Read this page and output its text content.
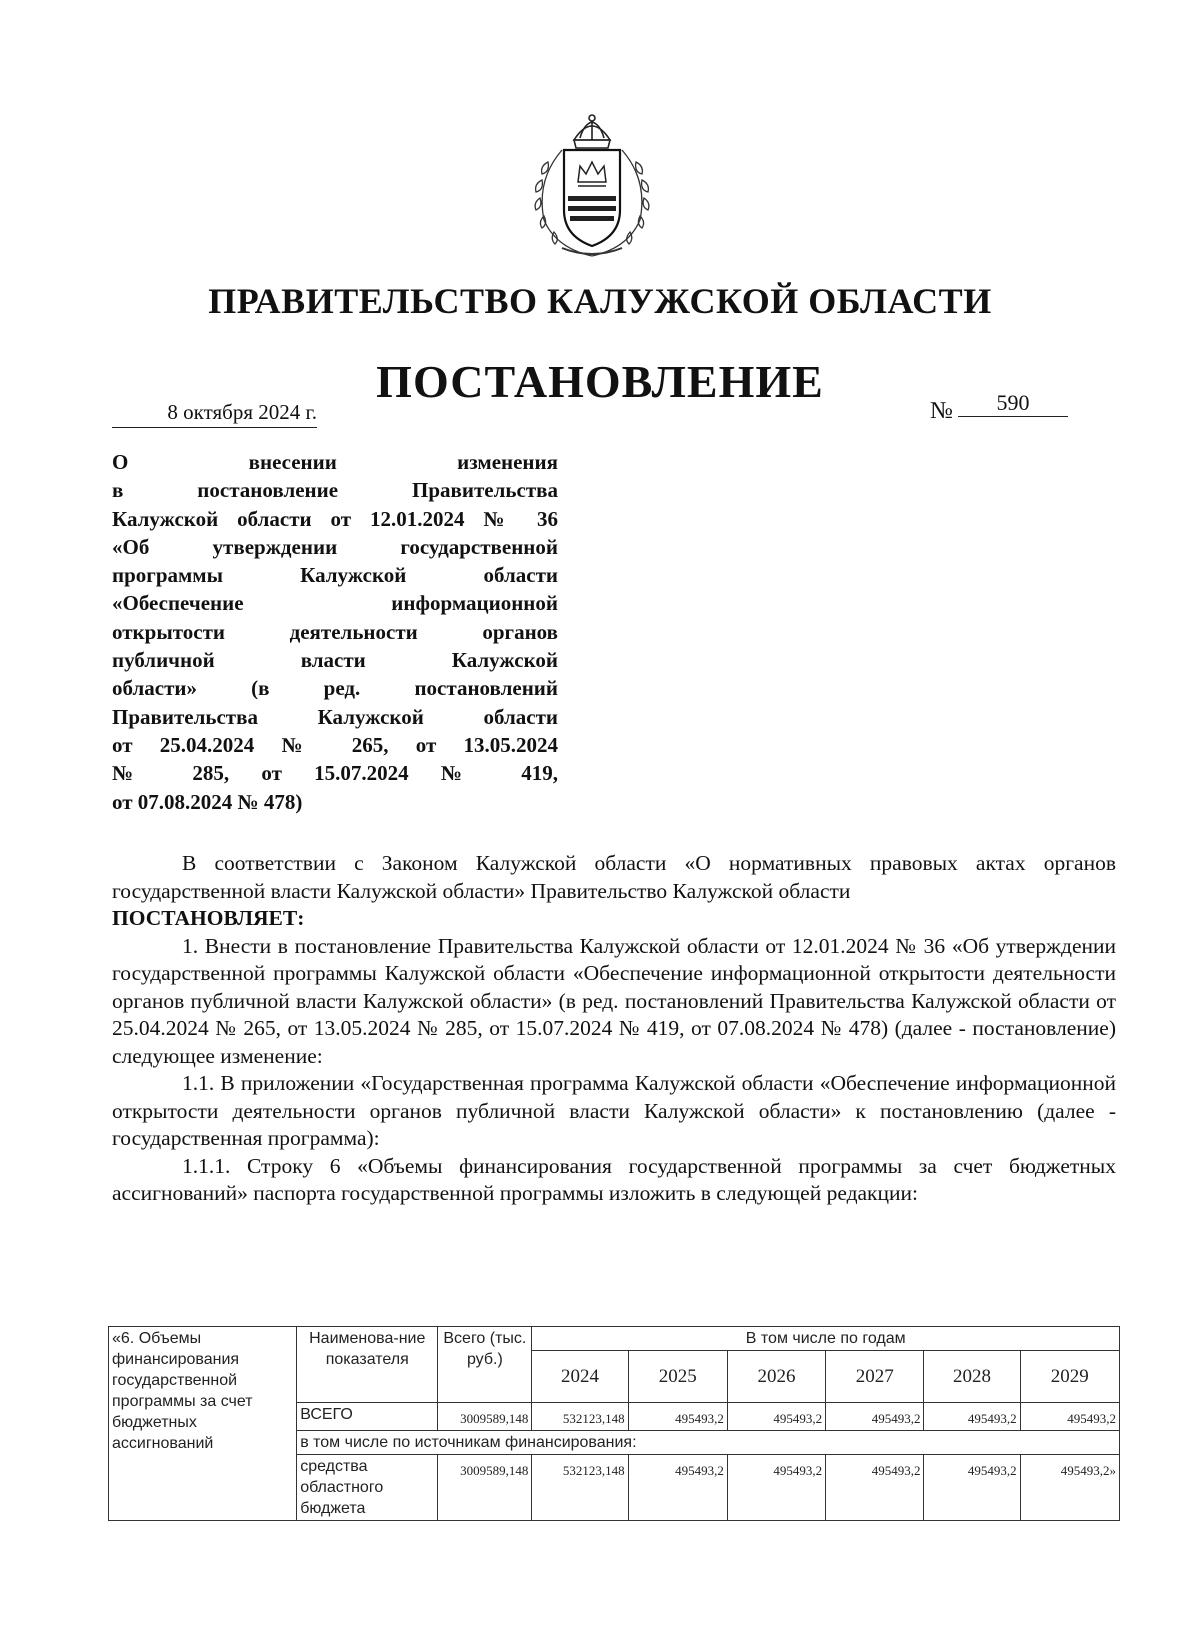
ПРАВИТЕЛЬСТВО КАЛУЖСКОЙ ОБЛАСТИ
ПОСТАНОВЛЕНИЕ
8 октября 2024 г.	№ 590
О внесении изменения
в постановление Правительства
Калужской области от 12.01.2024 № 36
«Об утверждении государственной
программы Калужской области
«Обеспечение информационной
открытости деятельности органов
публичной власти Калужской
области» (в ред. постановлений
Правительства Калужской области
от 25.04.2024 № 265, от 13.05.2024
№ 285, от 15.07.2024 № 419,
от 07.08.2024 № 478)

В соответствии с Законом Калужской области «О нормативных правовых актах органов государственной власти Калужской области» Правительство Калужской области

ПОСТАНОВЛЯЕТ:

1. Внести в постановление Правительства Калужской области от 12.01.2024 № 36 «Об утверждении государственной программы Калужской области «Обеспечение информационной открытости деятельности органов публичной власти Калужской области» (в ред. постановлений Правительства Калужской области от 25.04.2024 № 265, от 13.05.2024 № 285, от 15.07.2024 № 419, от 07.08.2024 № 478) (далее - постановление) следующее изменение:

1.1. В приложении «Государственная программа Калужской области «Обеспечение информационной открытости деятельности органов публичной власти Калужской области» к постановлению (далее - государственная программа):

1.1.1. Строку 6 «Объемы финансирования государственной программы за счет бюджетных ассигнований» паспорта государственной программы изложить в следующей редакции:

«6. Объемы финансирования государственной программы за счет бюджетных ассигнований	Наименова-ние показателя	Всего (тыс. руб.)	В том числе по годам					
			2024	2025	2026	2027	2028	2029
	ВСЕГО	3009589,148	532123,148	495493,2	495493,2	495493,2	495493,2	495493,2
	в том числе по источникам финансирования:							
	средства областного бюджета	3009589,148	532123,148	495493,2	495493,2	495493,2	495493,2	495493,2»
